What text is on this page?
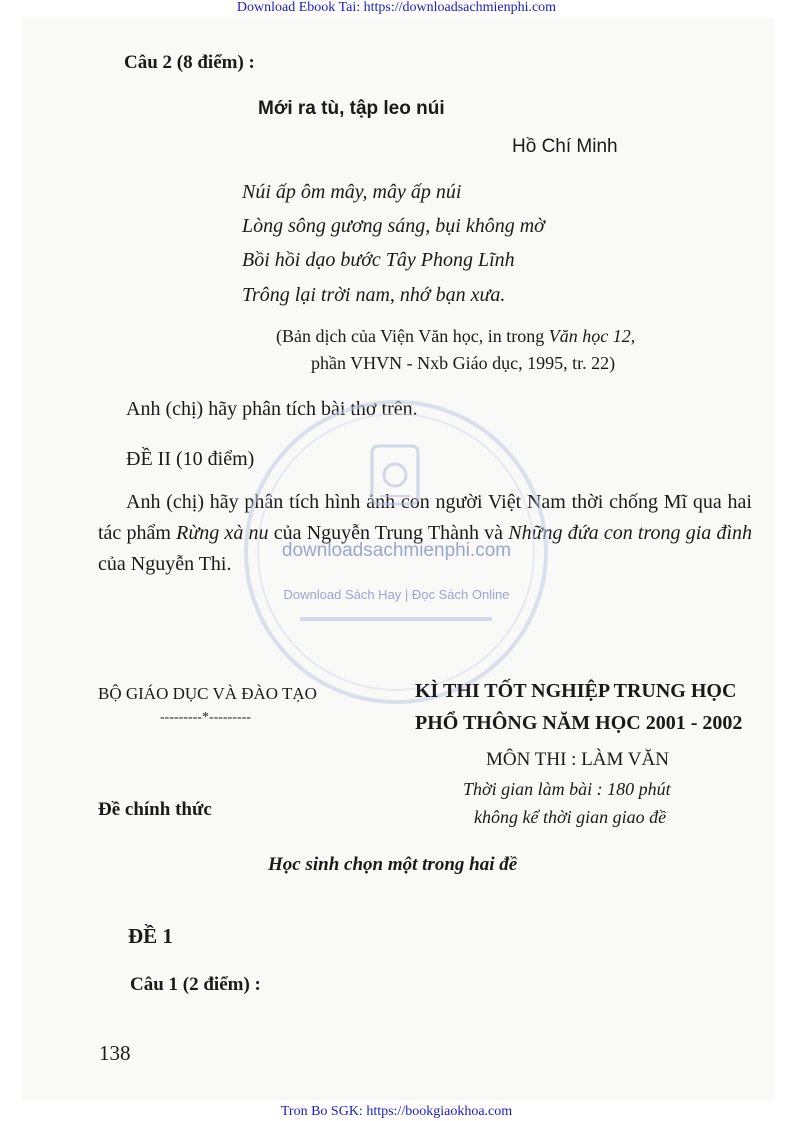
Download Ebook Tai: https://downloadsachmienphi.com
Câu 2 (8 điểm) :
Mới ra tù, tập leo núi
Hồ Chí Minh
Núi ấp ôm mây, mây ấp núi
Lòng sông gương sáng, bụi không mờ
Bồi hồi dạo bước Tây Phong Lĩnh
Trông lại trời nam, nhớ bạn xưa.
(Bản dịch của Viện Văn học, in trong Văn học 12,
phần VHVN - Nxb Giáo dục, 1995, tr. 22)
Anh (chị) hãy phân tích bài thơ trên.
ĐỀ II (10 điểm)
Anh (chị) hãy phân tích hình ảnh con người Việt Nam thời chống Mĩ qua hai tác phẩm Rừng xà nu của Nguyễn Trung Thành và Những đứa con trong gia đình của Nguyễn Thi.
downloadsachmienphi.com
Download Sách Hay | Đọc Sách Online
BỘ GIÁO DỤC VÀ ĐÀO TẠO
---------*---------
KÌ THI TỐT NGHIỆP TRUNG HỌC
PHỔ THÔNG NĂM HỌC 2001 - 2002
MÔN THI : LÀM VĂN
Thời gian làm bài : 180 phút
không kể thời gian giao đề
Đề chính thức
Học sinh chọn một trong hai đề
ĐỀ 1
Câu 1 (2 điểm) :
138
Tron Bo SGK: https://bookgiaokhoa.com
